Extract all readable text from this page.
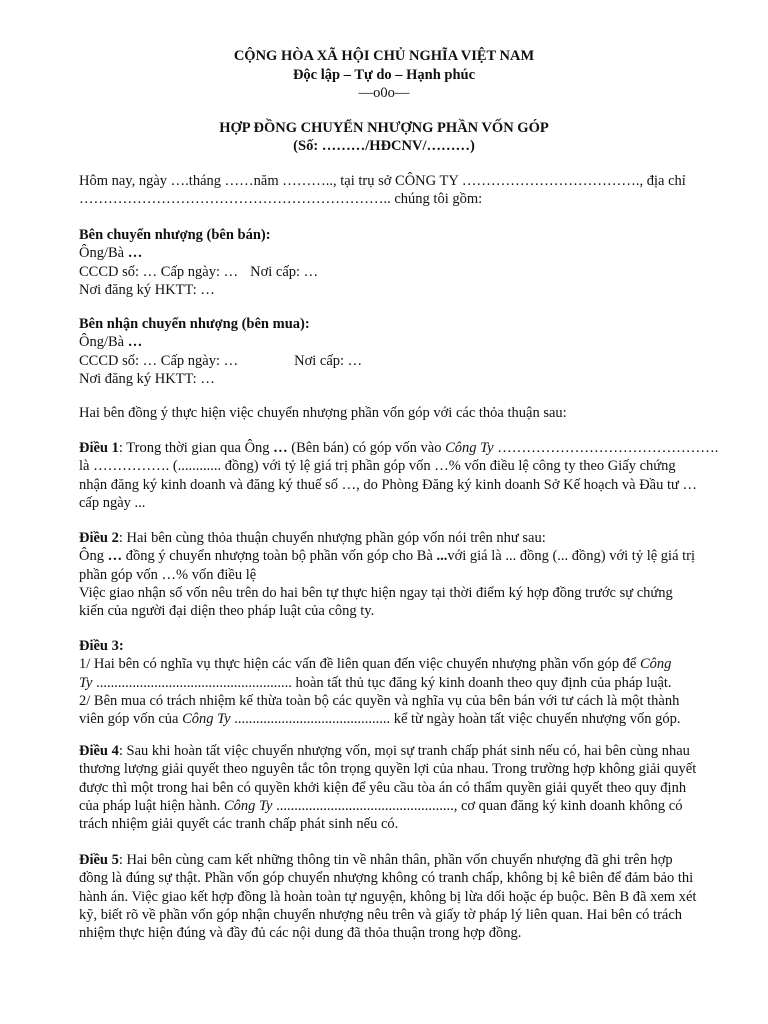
CỘNG HÒA XÃ HỘI CHỦ NGHĨA VIỆT NAM
Độc lập – Tự do – Hạnh phúc
—o0o—
HỢP ĐỒNG CHUYỂN NHƯỢNG PHẦN VỐN GÓP
(Số: ………/HĐCNV/………)
Hôm nay, ngày ….tháng ……năm ……….., tại trụ sở CÔNG TY ………………………………., địa chỉ
……………………………………………………….. chúng tôi gồm:
Bên chuyển nhượng (bên bán):
Ông/Bà …
CCCD số: … Cấp ngày: … Nơi cấp: …
Nơi đăng ký HKTT: …
Bên nhận chuyển nhượng (bên mua):
Ông/Bà …
CCCD số: … Cấp ngày: …	Nơi cấp: …
Nơi đăng ký HKTT: …
Hai bên đồng ý thực hiện việc chuyển nhượng phần vốn góp với các thỏa thuận sau:
Điều 1: Trong thời gian qua Ông … (Bên bán) có góp vốn vào Công Ty ……………………………………….
là ……………. (............ đồng) với tỷ lệ giá trị phần góp vốn …% vốn điều lệ công ty theo Giấy chứng
nhận đăng ký kinh doanh và đăng ký thuế số …, do Phòng Đăng ký kinh doanh Sở Kế hoạch và Đầu tư …
cấp ngày ...
Điều 2: Hai bên cùng thỏa thuận chuyển nhượng phần góp vốn nói trên như sau:
Ông … đồng ý chuyển nhượng toàn bộ phần vốn góp cho Bà ...với giá là ... đồng (... đồng) với tỷ lệ giá trị
phần góp vốn …% vốn điều lệ
Việc giao nhận số vốn nêu trên do hai bên tự thực hiện ngay tại thời điểm ký hợp đồng trước sự chứng
kiến của người đại diện theo pháp luật của công ty.
Điều 3:
1/ Hai bên có nghĩa vụ thực hiện các vấn đề liên quan đến việc chuyển nhượng phần vốn góp để Công
Ty ...................................................... hoàn tất thủ tục đăng ký kinh doanh theo quy định của pháp luật.
2/ Bên mua có trách nhiệm kế thừa toàn bộ các quyền và nghĩa vụ của bên bán với tư cách là một thành
viên góp vốn của Công Ty ........................................... kể từ ngày hoàn tất việc chuyển nhượng vốn góp.
Điều 4: Sau khi hoàn tất việc chuyển nhượng vốn, mọi sự tranh chấp phát sinh nếu có, hai bên cùng nhau
thương lượng giải quyết theo nguyên tắc tôn trọng quyền lợi của nhau. Trong trường hợp không giải quyết
được thì một trong hai bên có quyền khởi kiện để yêu cầu tòa án có thẩm quyền giải quyết theo quy định
của pháp luật hiện hành. Công Ty ................................................., cơ quan đăng ký kinh doanh không có
trách nhiệm giải quyết các tranh chấp phát sinh nếu có.
Điều 5: Hai bên cùng cam kết những thông tin về nhân thân, phần vốn chuyển nhượng đã ghi trên hợp
đồng là đúng sự thật. Phần vốn góp chuyển nhượng không có tranh chấp, không bị kê biên để đảm bảo thi
hành án. Việc giao kết hợp đồng là hoàn toàn tự nguyện, không bị lừa dối hoặc ép buộc. Bên B đã xem xét
kỹ, biết rõ về phần vốn góp nhận chuyển nhượng nêu trên và giấy tờ pháp lý liên quan. Hai bên có trách
nhiệm thực hiện đúng và đầy đủ các nội dung đã thỏa thuận trong hợp đồng.
